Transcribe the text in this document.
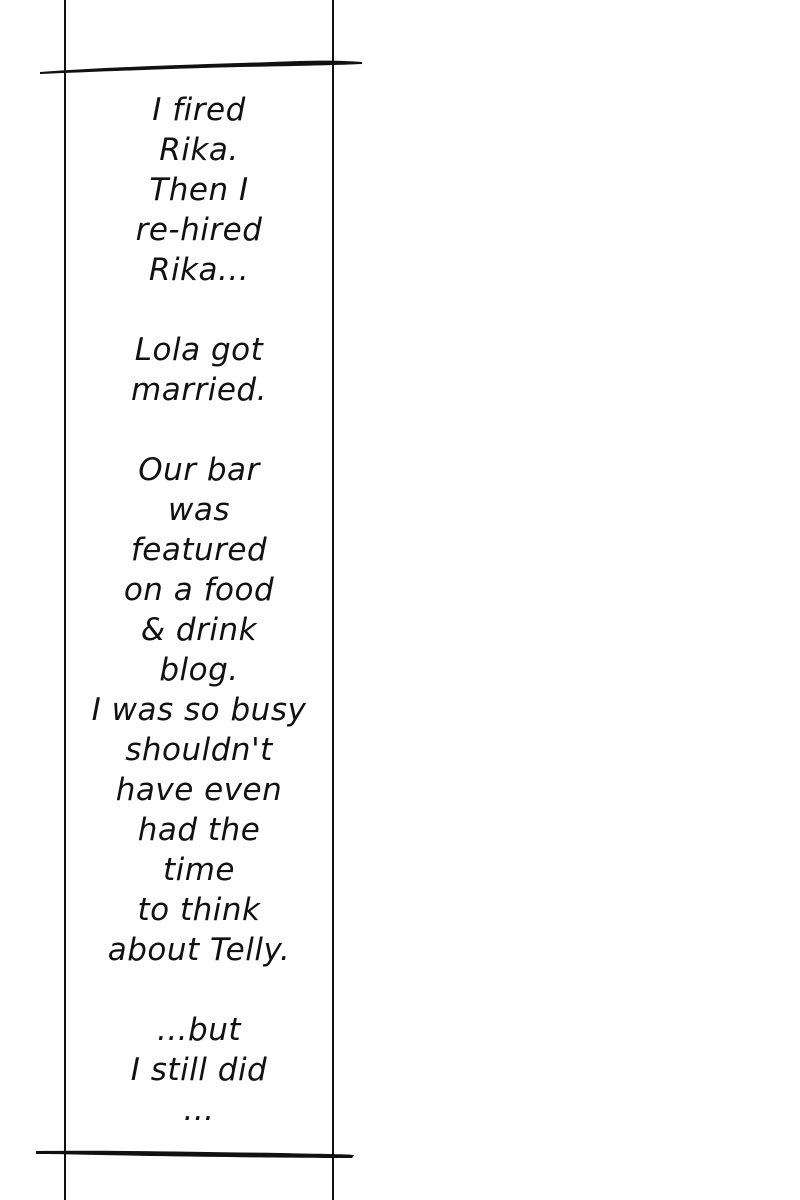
I fired
Rika.
Then I
re-hired
Rika...
Lola got
married.
Our bar
was
featured
on a food
& drink
blog.
I was so busy
shouldn't
have even
had the
time
to think
about Telly.
...but
I still did
...
